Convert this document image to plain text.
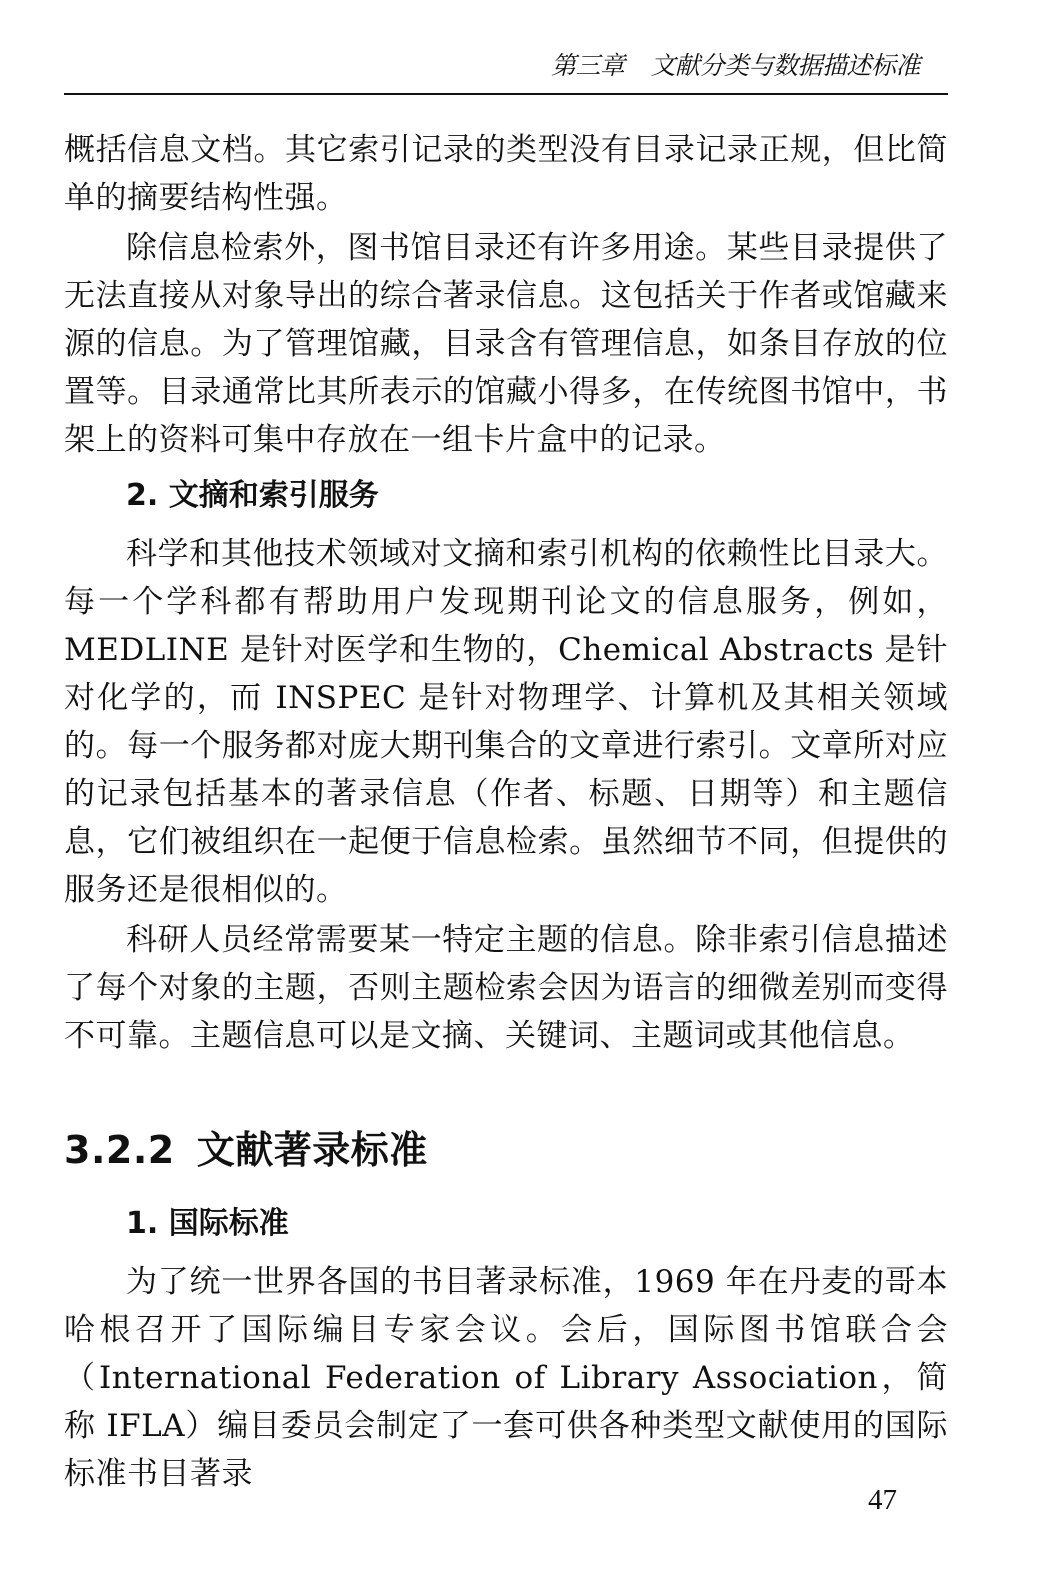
第三章 文献分类与数据描述标准

概括信息文档。其它索引记录的类型没有目录记录正规，但比简单的摘要结构性强。

除信息检索外，图书馆目录还有许多用途。某些目录提供了无法直接从对象导出的综合著录信息。这包括关于作者或馆藏来源的信息。为了管理馆藏，目录含有管理信息，如条目存放的位置等。目录通常比其所表示的馆藏小得多，在传统图书馆中，书架上的资料可集中存放在一组卡片盒中的记录。

2. 文摘和索引服务

科学和其他技术领域对文摘和索引机构的依赖性比目录大。每一个学科都有帮助用户发现期刊论文的信息服务，例如，MEDLINE 是针对医学和生物的，Chemical Abstracts 是针对化学的，而 INSPEC 是针对物理学、计算机及其相关领域的。每一个服务都对庞大期刊集合的文章进行索引。文章所对应的记录包括基本的著录信息（作者、标题、日期等）和主题信息，它们被组织在一起便于信息检索。虽然细节不同，但提供的服务还是很相似的。

科研人员经常需要某一特定主题的信息。除非索引信息描述了每个对象的主题，否则主题检索会因为语言的细微差别而变得不可靠。主题信息可以是文摘、关键词、主题词或其他信息。

3.2.2 文献著录标准
1. 国际标准

为了统一世界各国的书目著录标准，1969 年在丹麦的哥本哈根召开了国际编目专家会议。会后，国际图书馆联合会（International Federation of Library Association，简称 IFLA）编目委员会制定了一套可供各种类型文献使用的国际标准书目著录

47
